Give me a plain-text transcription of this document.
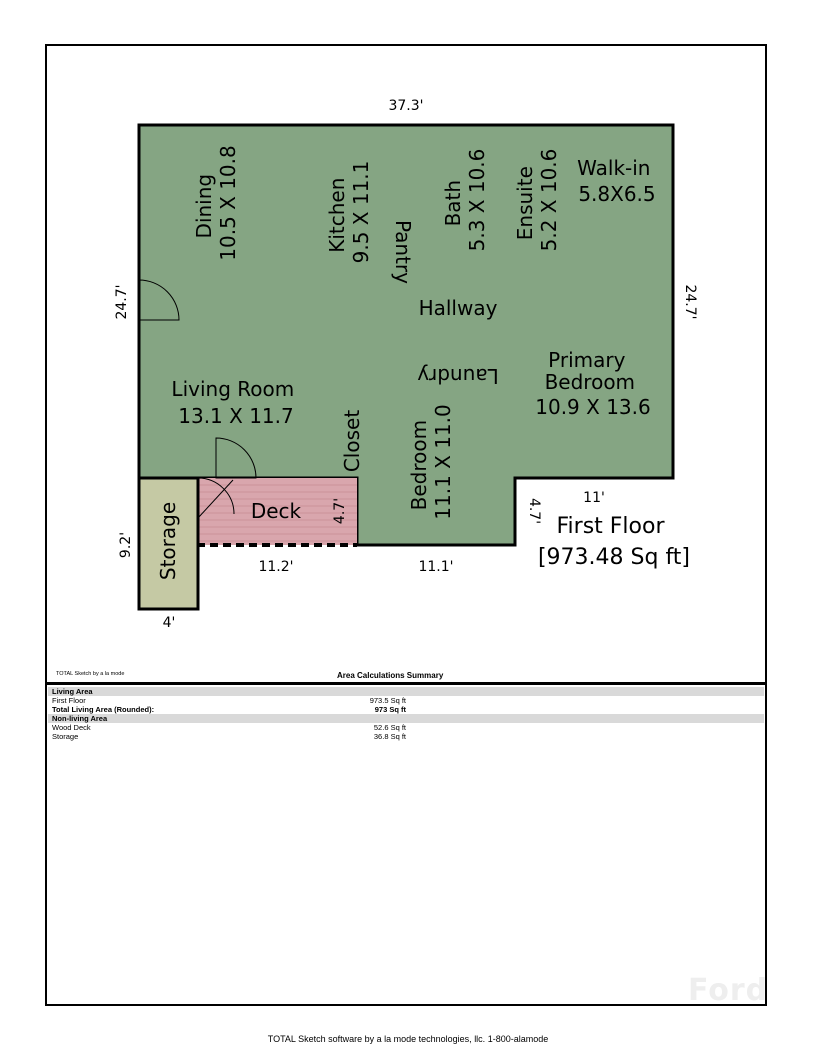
Dining 10.5 X 10.8	Kitchen 9.5 X 11.1 Pantry
Bath 5.3 X 10.6 Ensuite 5.2 X 10.6 Walk-in 5.8X6.5
Hallway
Laundry
Primary Bedroom 10.9 X 13.6
Living Room 13.1 X 11.7	Closet Bedroom 11.1 X 11.0
Deck
Storage
37.3'
24.7'	24.7'
4.7'	11'
4.7'
11.2'	11.1'
9.2'
4'
First Floor [973.48 Sq ft]
TOTAL Sketch by a la mode	Area Calculations Summary
Living Area
First Floor	973.5 Sq ft
Total Living Area (Rounded):	973 Sq ft
Non-living Area
Wood Deck	52.6 Sq ft
Storage	36.8 Sq ft
Ford
TOTAL Sketch software by a la mode technologies, llc. 1-800-alamode
